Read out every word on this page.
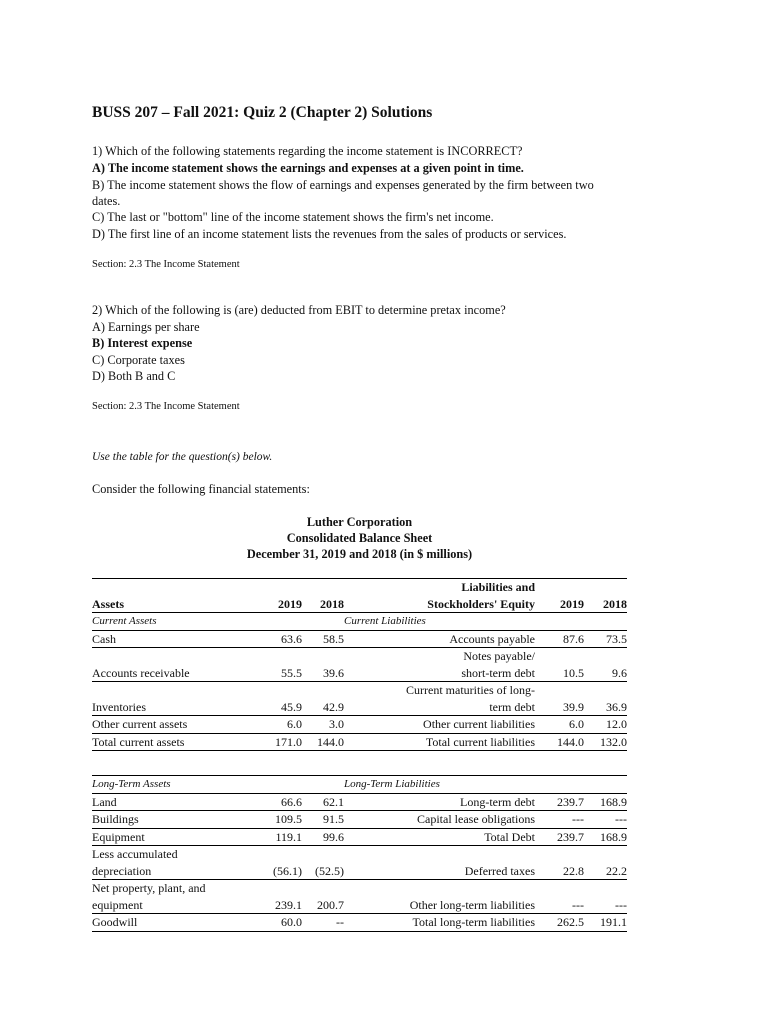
BUSS 207 – Fall 2021: Quiz 2 (Chapter 2) Solutions
1) Which of the following statements regarding the income statement is INCORRECT?
A) The income statement shows the earnings and expenses at a given point in time.
B) The income statement shows the flow of earnings and expenses generated by the firm between two
dates.
C) The last or "bottom" line of the income statement shows the firm's net income.
D) The first line of an income statement lists the revenues from the sales of products or services.
Section: 2.3 The Income Statement
2) Which of the following is (are) deducted from EBIT to determine pretax income?
A) Earnings per share
B) Interest expense
C) Corporate taxes
D) Both B and C
Section: 2.3 The Income Statement
Use the table for the question(s) below.
Consider the following financial statements:
Luther Corporation
Consolidated Balance Sheet
December 31, 2019 and 2018 (in $ millions)
			Liabilities and		
Assets	2019	2018	Stockholders' Equity	2019	2018
Current Assets			Current Liabilities		
Cash	63.6	58.5	Accounts payable	87.6	73.5
			Notes payable/		
Accounts receivable	55.5	39.6	short-term debt	10.5	9.6
			Current maturities of long-		
Inventories	45.9	42.9	term debt	39.9	36.9
Other current assets	6.0	3.0	Other current liabilities	6.0	12.0
Total current assets	171.0	144.0	Total current liabilities	144.0	132.0

Long-Term Assets			Long-Term Liabilities		
Land	66.6	62.1	Long-term debt	239.7	168.9
Buildings	109.5	91.5	Capital lease obligations	---	---
Equipment	119.1	99.6	Total Debt	239.7	168.9
Less accumulated					
depreciation	(56.1)	(52.5)	Deferred taxes	22.8	22.2
Net property, plant, and					
equipment	239.1	200.7	Other long-term liabilities	---	---
Goodwill	60.0	--	Total long-term liabilities	262.5	191.1
